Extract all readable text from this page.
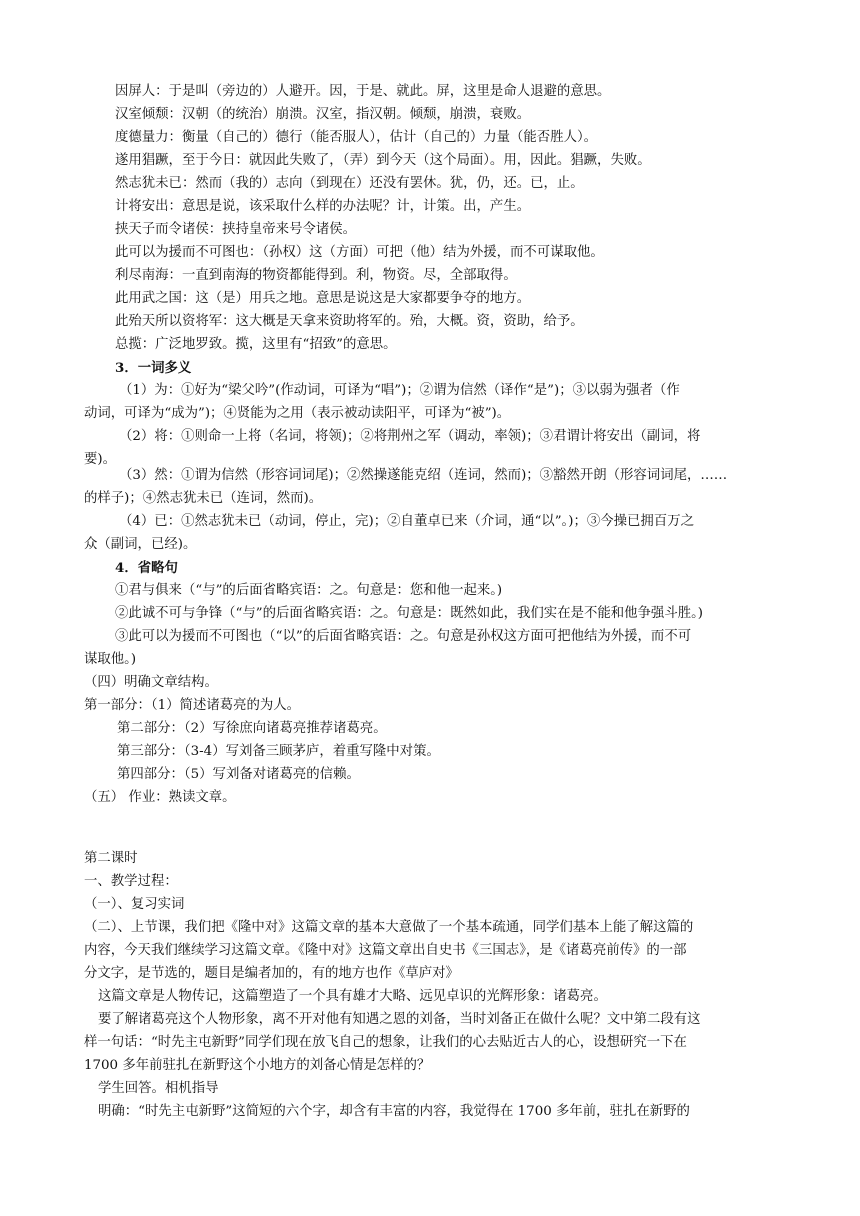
因屏人：于是叫（旁边的）人避开。因，于是、就此。屏，这里是命人退避的意思。
汉室倾颓：汉朝（的统治）崩溃。汉室，指汉朝。倾颓，崩溃，衰败。
度德量力：衡量（自己的）德行（能否服人），估计（自己的）力量（能否胜人）。
遂用猖蹶，至于今日：就因此失败了，（弄）到今天（这个局面）。用，因此。猖蹶，失败。
然志犹未已：然而（我的）志向（到现在）还没有罢休。犹，仍，还。已，止。
计将安出：意思是说，该采取什么样的办法呢？计，计策。出，产生。
挟天子而令诸侯：挟持皇帝来号令诸侯。
此可以为援而不可图也：（孙权）这（方面）可把（他）结为外援，而不可谋取他。
利尽南海：一直到南海的物资都能得到。利，物资。尽，全部取得。
此用武之国：这（是）用兵之地。意思是说这是大家都要争夺的地方。
此殆天所以资将军：这大概是天拿来资助将军的。殆，大概。资，资助，给予。
总揽：广泛地罗致。揽，这里有“招致”的意思。
3．一词多义
（1）为：①好为“梁父吟”(作动词，可译为“唱”)；②谓为信然（译作“是”)；③以弱为强者（作
动词，可译为“成为”)；④贤能为之用（表示被动读阳平，可译为“被”)。
（2）将：①则命一上将（名词，将领)；②将荆州之军（调动，率领)；③君谓计将安出（副词，将
要)。
（3）然：①谓为信然（形容词词尾)；②然操遂能克绍（连词，然而)；③豁然开朗（形容词词尾，……
的样子)；④然志犹未已（连词，然而)。
（4）已：①然志犹未已（动词，停止，完)；②自董卓已来（介词，通“以”。)；③今操已拥百万之
众（副词，已经)。
4．省略句
①君与俱来（“与”的后面省略宾语：之。句意是：您和他一起来。)
②此诚不可与争锋（“与”的后面省略宾语：之。句意是：既然如此，我们实在是不能和他争强斗胜。)
③此可以为援而不可图也（“以”的后面省略宾语：之。句意是孙权这方面可把他结为外援，而不可
谋取他。)
（四）明确文章结构。
第一部分：（1）简述诸葛亮的为人。
第二部分：（2）写徐庶向诸葛亮推荐诸葛亮。
第三部分：（3-4）写刘备三顾茅庐，着重写隆中对策。
第四部分：（5）写刘备对诸葛亮的信赖。
（五） 作业：熟读文章。
第二课时
一、教学过程：
（一）、复习实词
（二）、上节课，我们把《隆中对》这篇文章的基本大意做了一个基本疏通，同学们基本上能了解这篇的
内容，今天我们继续学习这篇文章。《隆中对》这篇文章出自史书《三国志》，是《诸葛亮前传》的一部
分文字，是节选的，题目是编者加的，有的地方也作《草庐对》
这篇文章是人物传记，这篇塑造了一个具有雄才大略、远见卓识的光辉形象：诸葛亮。
要了解诸葛亮这个人物形象，离不开对他有知遇之恩的刘备，当时刘备正在做什么呢？文中第二段有这
样一句话：“时先主屯新野”同学们现在放飞自己的想象，让我们的心去贴近古人的心，设想研究一下在
1700 多年前驻扎在新野这个小地方的刘备心情是怎样的？
学生回答。相机指导
明确：“时先主屯新野”这简短的六个字，却含有丰富的内容，我觉得在 1700 多年前，驻扎在新野的
